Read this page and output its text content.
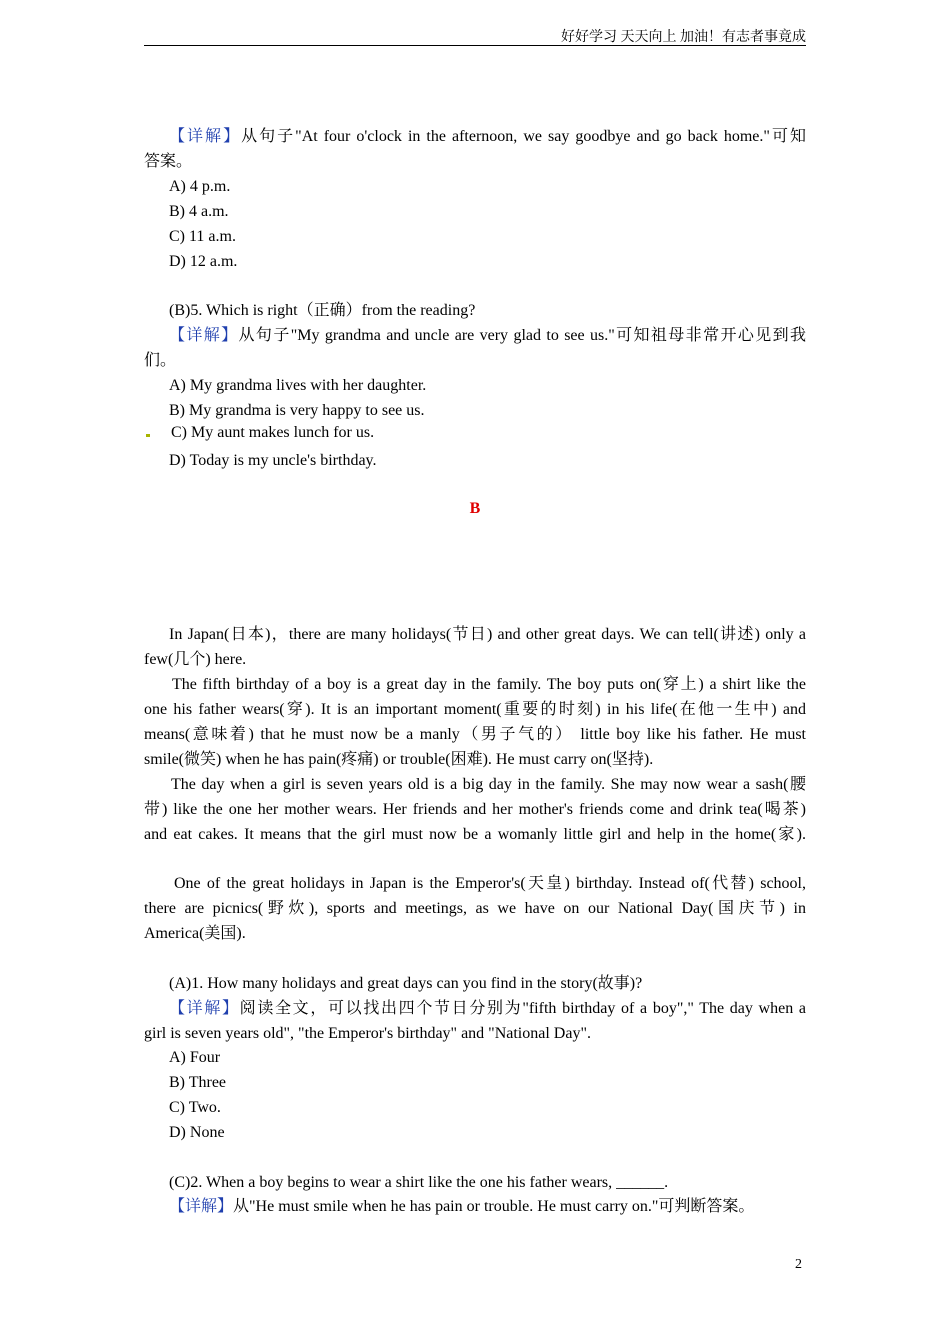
好好学习 天天向上 加油！有志者事竟成

【详解】从句子"At four o'clock in the afternoon, we say goodbye and go back home."可知

答案。

A) 4 p.m.

B) 4 a.m.

C) 11 a.m.

D) 12 a.m.

(B)5. Which is right（正确）from the reading?

【详解】从句子"My grandma and uncle are very glad to see us."可知祖母非常开心见到我

们。

A) My grandma lives with her daughter.

B) My grandma is very happy to see us.

C) My aunt makes lunch for us.

D) Today is my uncle's birthday.

B

In Japan(日本)，there are many holidays(节日) and other great days. We can tell(讲述) only a

few(几个) here.

The fifth birthday of a boy is a great day in the family. The boy puts on(穿上) a shirt like the

one his father wears(穿). It is an important moment(重要的时刻) in his life(在他一生中) and

means(意味着) that he must now be a manly（男子气的） little boy like his father. He must

smile(微笑) when he has pain(疼痛) or trouble(困难). He must carry on(坚持).

The day when a girl is seven years old is a big day in the family. She may now wear a sash(腰

带) like the one her mother wears. Her friends and her mother's friends come and drink tea(喝茶)

and eat cakes. It means that the girl must now be a womanly little girl and help in the home(家).

One of the great holidays in Japan is the Emperor's(天皇) birthday. Instead of(代替) school,

there are picnics(野炊), sports and meetings, as we have on our National Day(国庆节) in

America(美国).

(A)1. How many holidays and great days can you find in the story(故事)?

【详解】阅读全文，可以找出四个节日分别为"fifth birthday of a boy"," The day when a

girl is seven years old", "the Emperor's birthday" and "National Day".

A) Four

B) Three

C) Two.

D) None

(C)2. When a boy begins to wear a shirt like the one his father wears, ______.

【详解】从"He must smile when he has pain or trouble. He must carry on."可判断答案。

2
